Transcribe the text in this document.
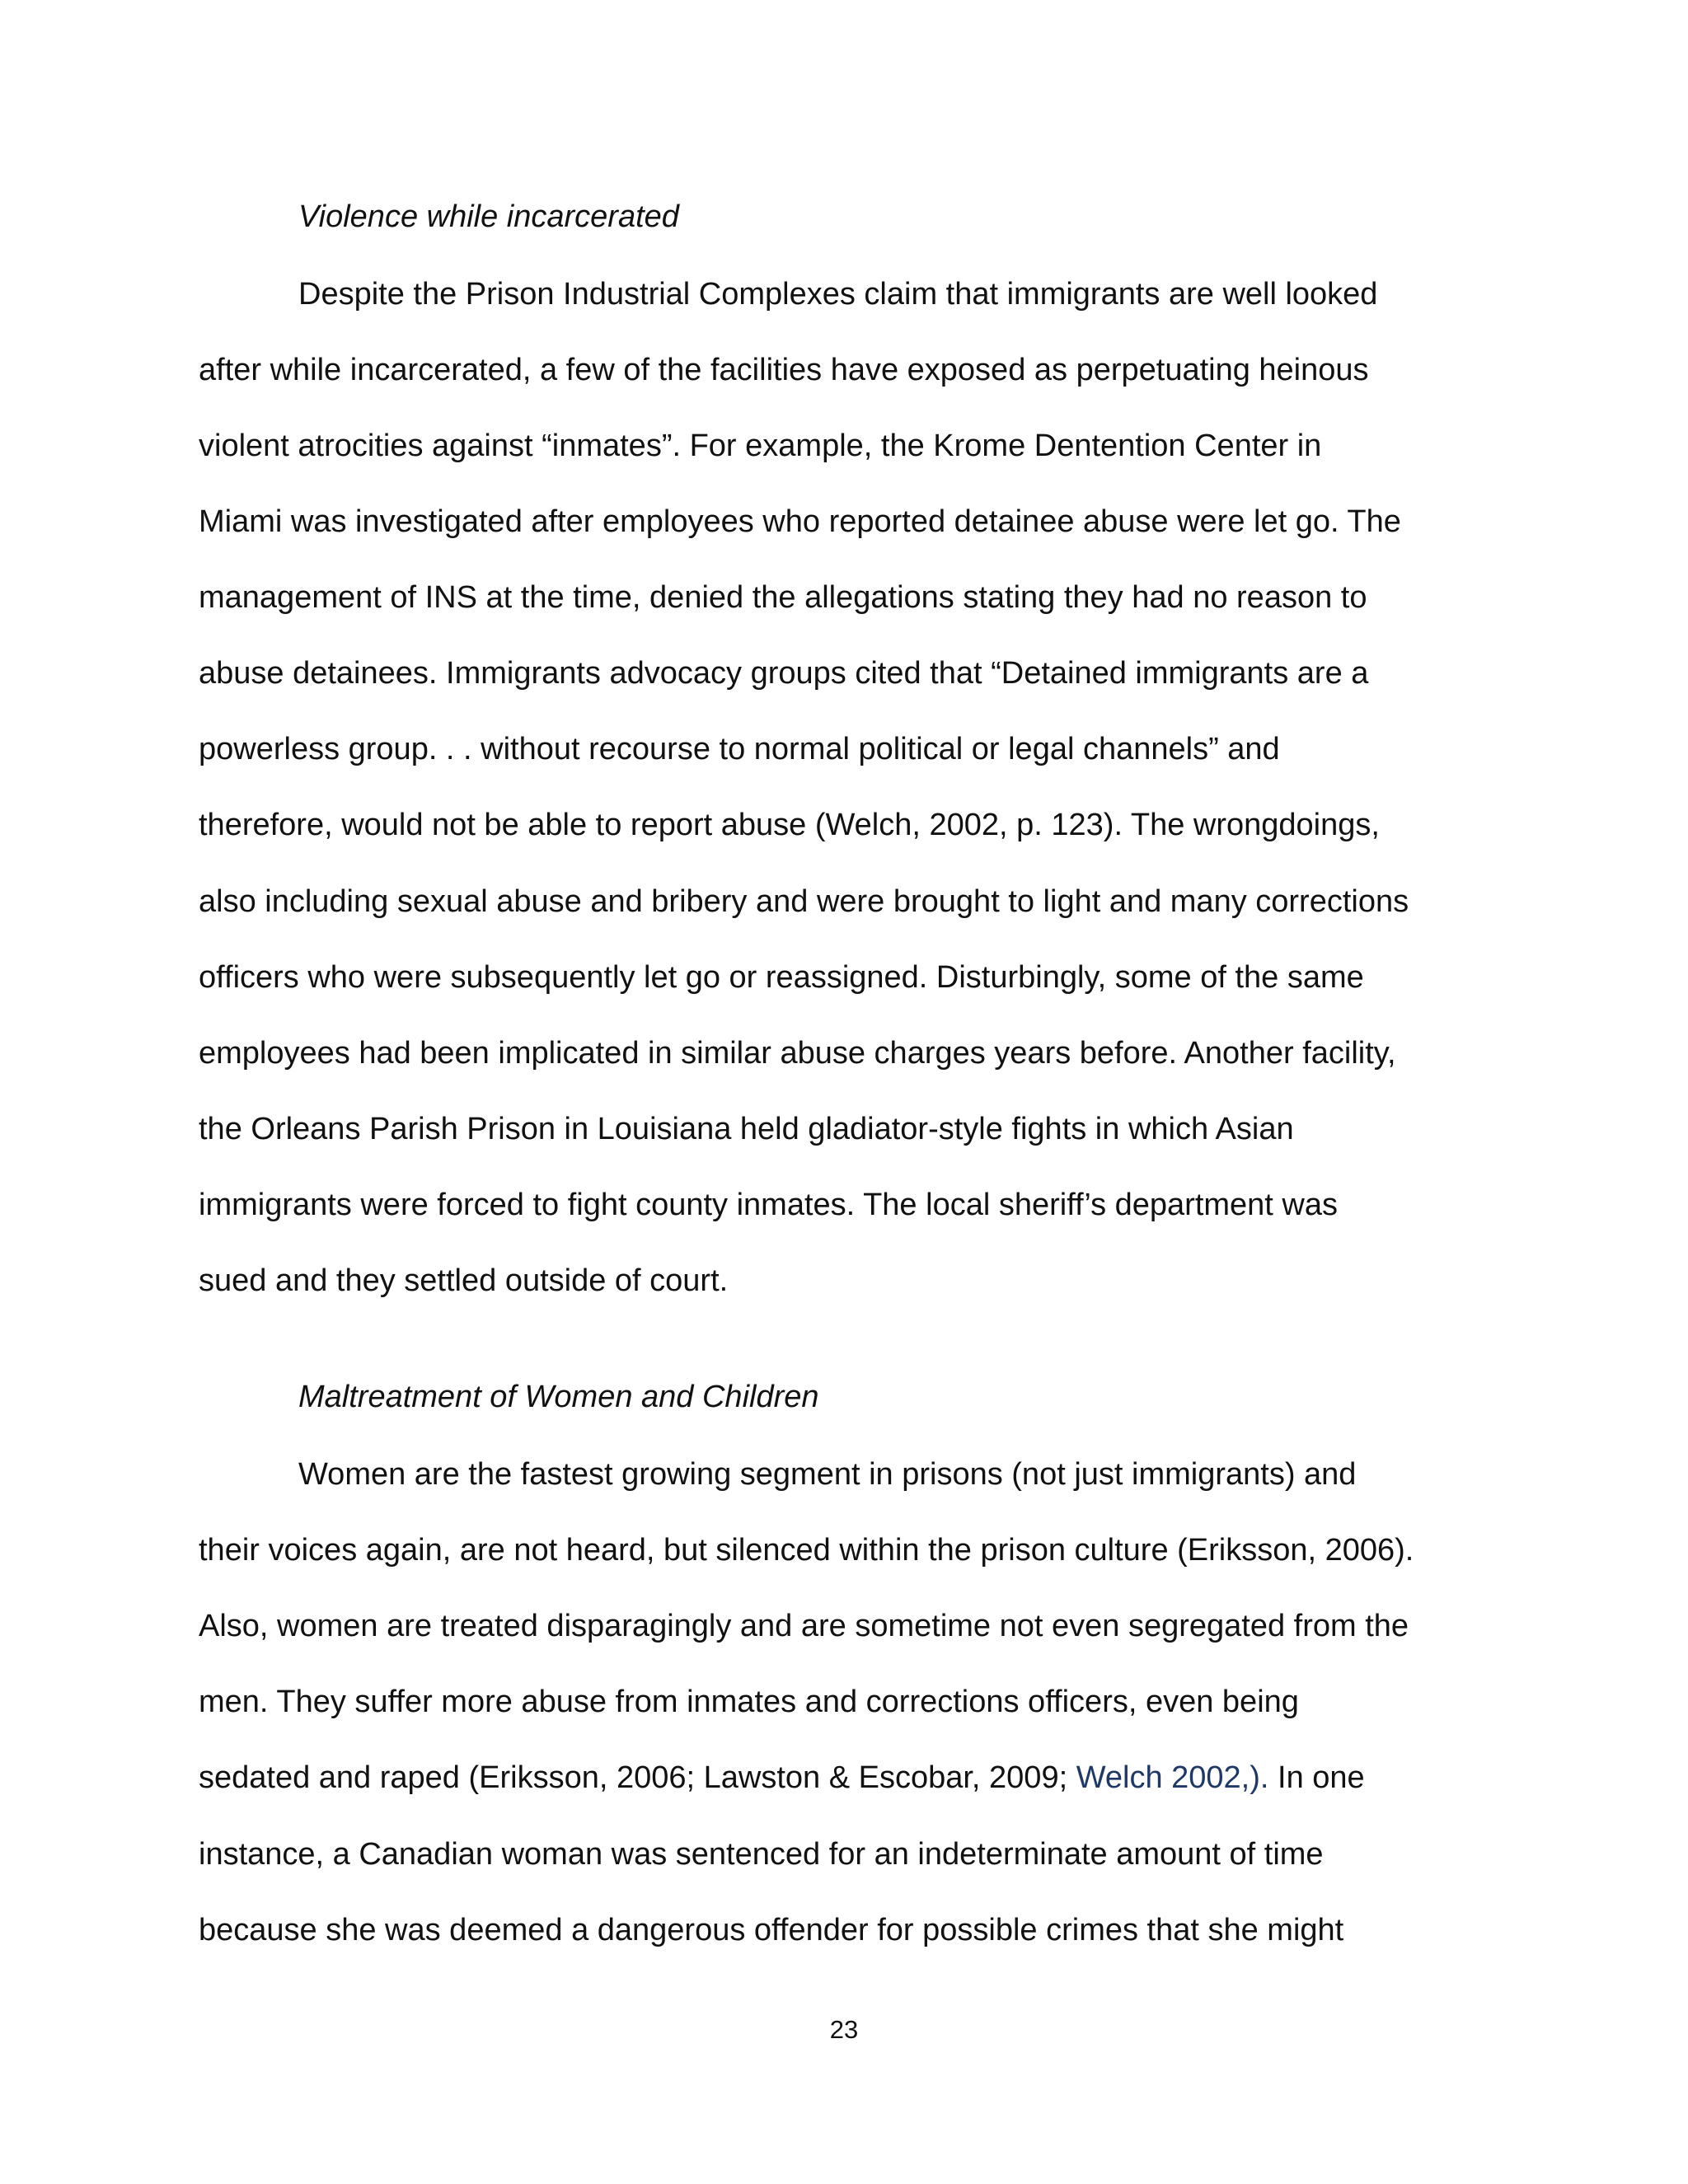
Violence while incarcerated
Despite the Prison Industrial Complexes claim that immigrants are well looked
after while incarcerated, a few of the facilities have exposed as perpetuating heinous
violent atrocities against “inmates”. For example, the Krome Dentention Center in
Miami was investigated after employees who reported detainee abuse were let go. The
management of INS at the time, denied the allegations stating they had no reason to
abuse detainees. Immigrants advocacy groups cited that “Detained immigrants are a
powerless group. . . without recourse to normal political or legal channels” and
therefore, would not be able to report abuse (Welch, 2002, p. 123). The wrongdoings,
also including sexual abuse and bribery and were brought to light and many corrections
officers who were subsequently let go or reassigned. Disturbingly, some of the same
employees had been implicated in similar abuse charges years before. Another facility,
the Orleans Parish Prison in Louisiana held gladiator-style fights in which Asian
immigrants were forced to fight county inmates. The local sheriff’s department was
sued and they settled outside of court.
Maltreatment of Women and Children
Women are the fastest growing segment in prisons (not just immigrants) and
their voices again, are not heard, but silenced within the prison culture (Eriksson, 2006).
Also, women are treated disparagingly and are sometime not even segregated from the
men. They suffer more abuse from inmates and corrections officers, even being
sedated and raped (Eriksson, 2006; Lawston & Escobar, 2009; Welch 2002,). In one
instance, a Canadian woman was sentenced for an indeterminate amount of time
because she was deemed a dangerous offender for possible crimes that she might
23
